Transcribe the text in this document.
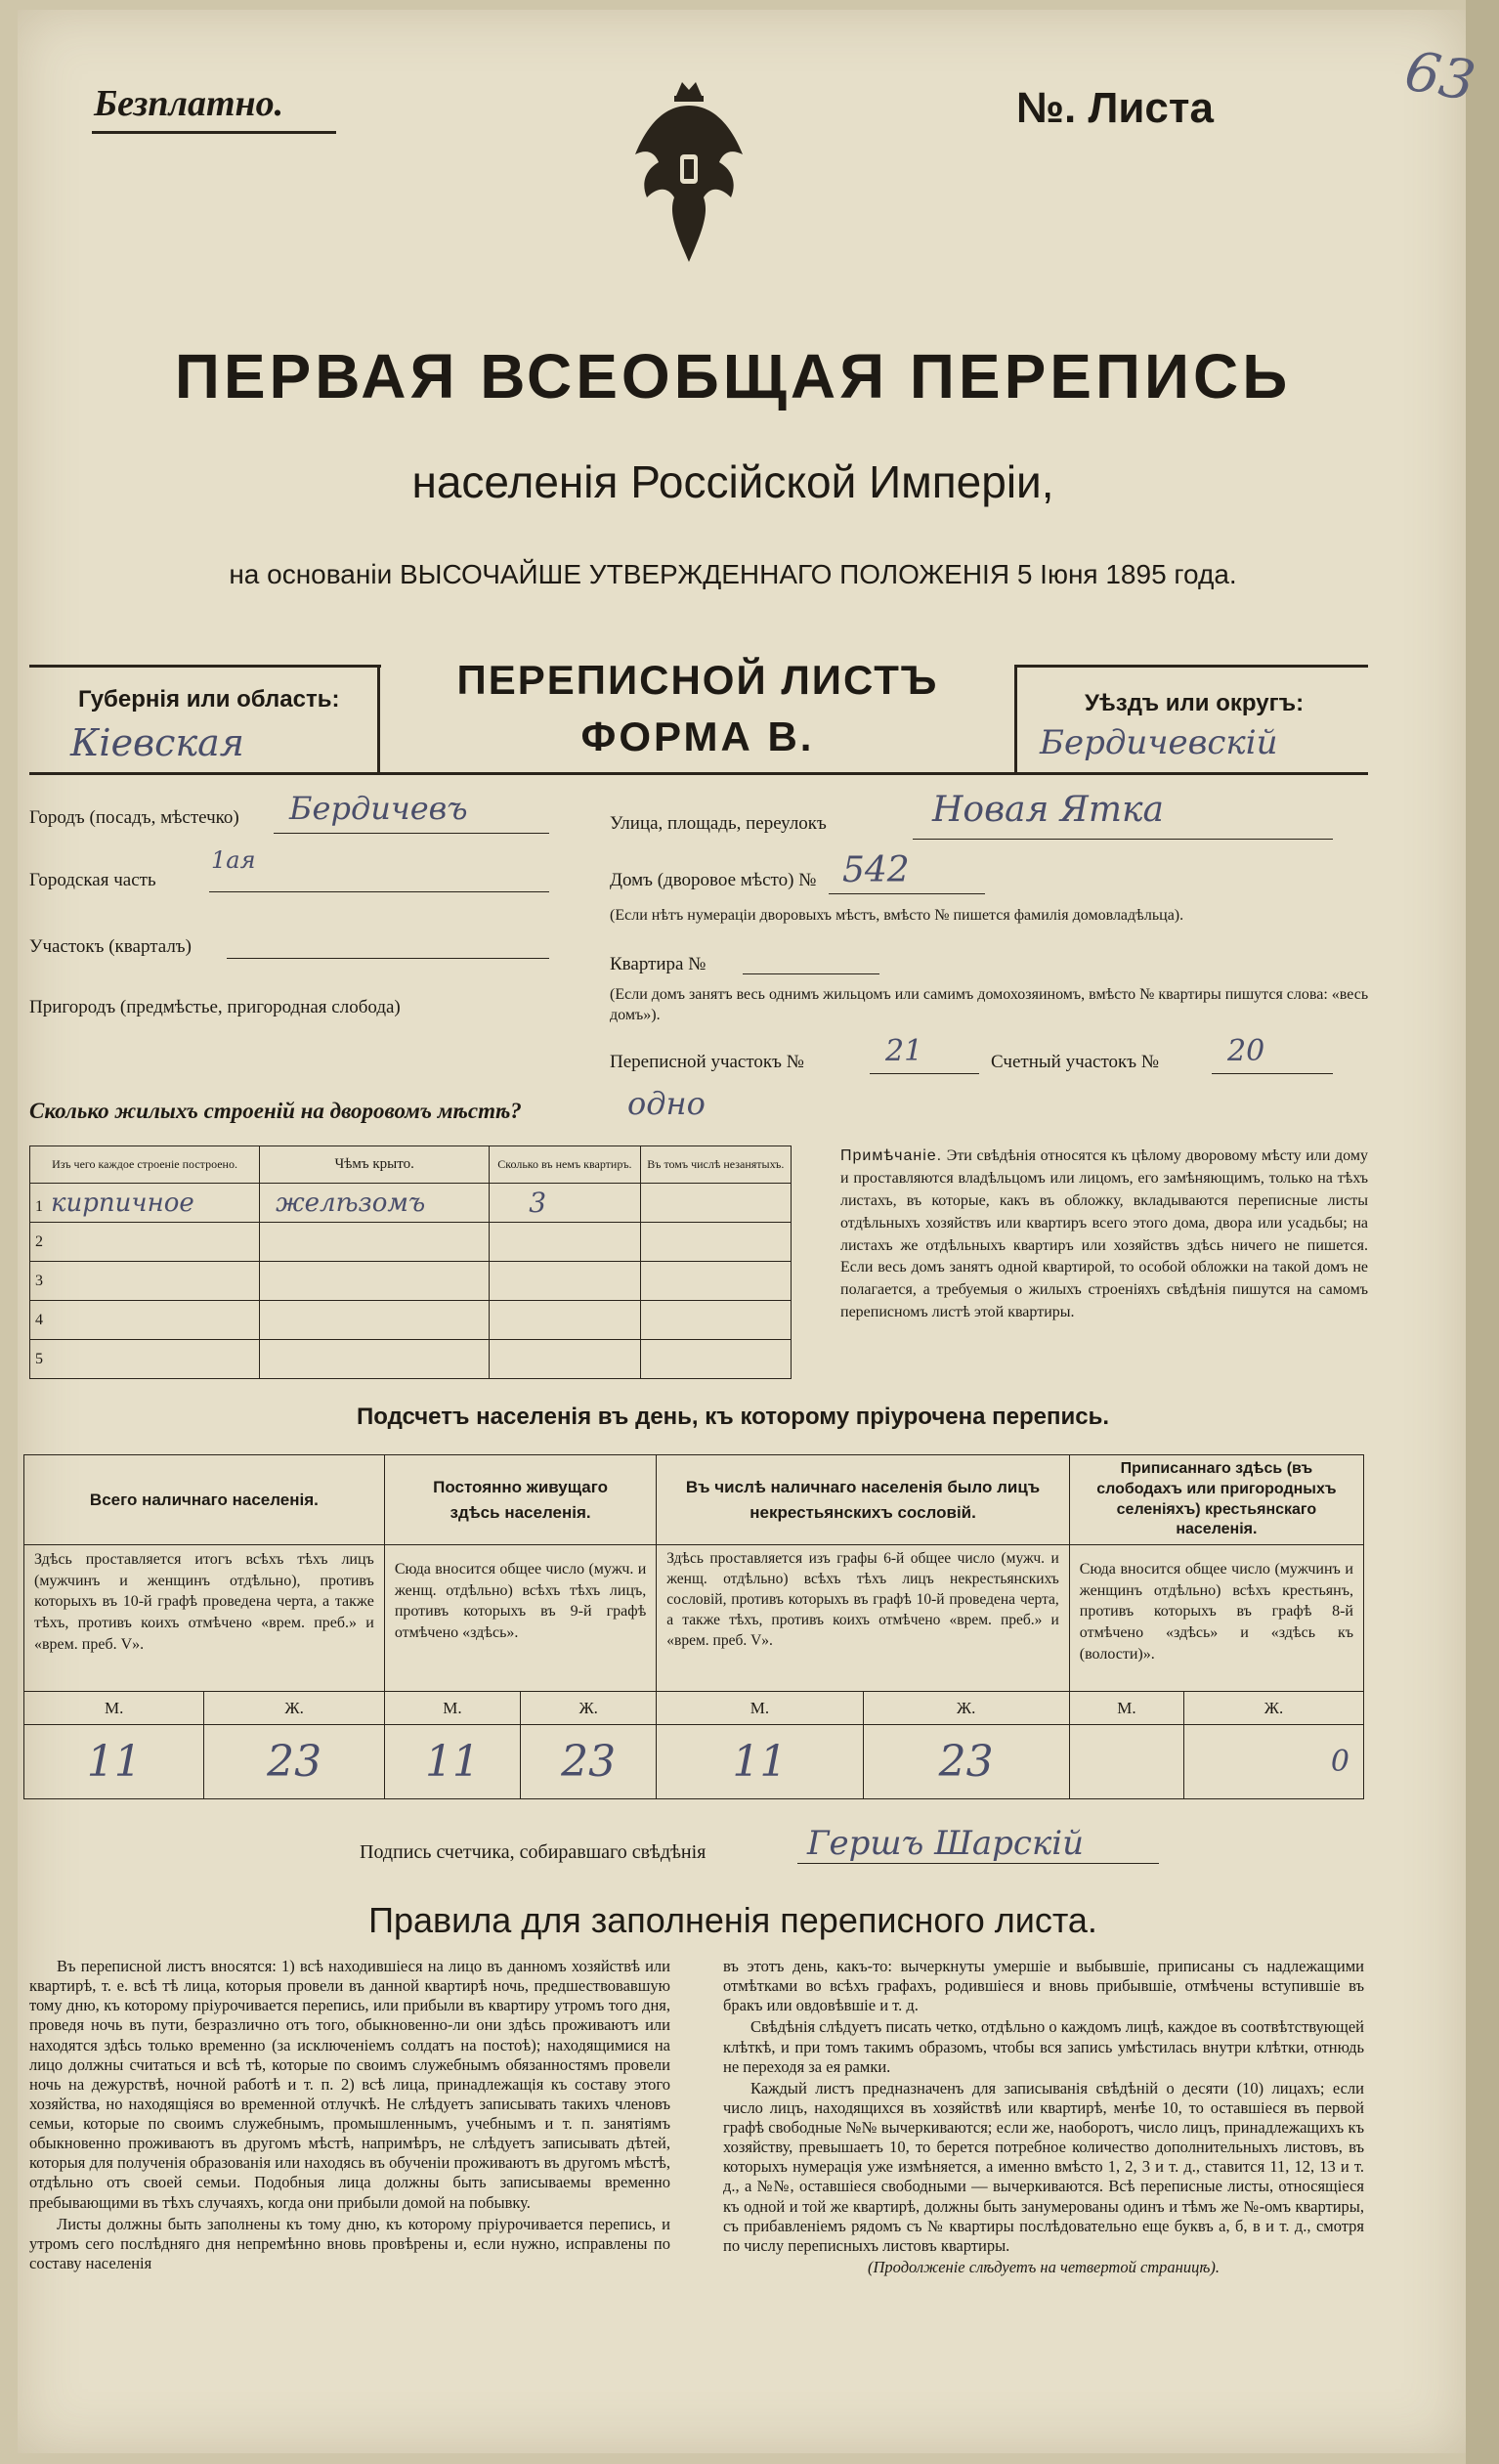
Безплатно.	№. Листа	63
ПЕРВАЯ ВСЕОБЩАЯ ПЕРЕПИСЬ
населенія Россійской Имперіи,
на основаніи ВЫСОЧАЙШЕ УТВЕРЖДЕННАГО ПОЛОЖЕНІЯ 5 Іюня 1895 года.
Губернія или область:
Кіевская
ПЕРЕПИСНОЙ ЛИСТЪ
ФОРМА В.
Уѣздъ или округъ:
Бердичевскій
Городъ (посадъ, мѣстечко) Бердичевъ
Городская часть
1ая
Участокъ (кварталъ)
Пригородъ (предмѣстье, пригородная слобода)
Улица, площадь, переулокъ	Новая Ятка
Домъ (дворовое мѣсто) № 542
(Если нѣтъ нумераціи дворовыхъ мѣстъ, вмѣсто № пишется фамилія домовладѣльца).
Квартира №
(Если домъ занятъ весь однимъ жильцомъ или самимъ домохозяиномъ, вмѣсто № квартиры пишутся слова: «весь домъ»).
Переписной участокъ №	21	Счетный участокъ № 20
Сколько жилыхъ строеній на дворовомъ мѣстѣ?	одно
Изъ чего каждое строеніе построено.	Чѣмъ крыто.	Сколько въ немъ квартиръ.	Въ томъ числѣ незанятыхъ.
1 кирпичное	желѣзомъ	3	
2			
3			
4			
5			
Примѣчаніе. Эти свѣдѣнія относятся къ цѣлому дворовому мѣсту или дому и проставляются владѣльцомъ или лицомъ, его замѣняющимъ, только на тѣхъ листахъ, въ которые, какъ въ обложку, вкладываются переписные листы отдѣльныхъ хозяйствъ или квартиръ всего этого дома, двора или усадьбы; на листахъ же отдѣльныхъ квартиръ или хозяйствъ здѣсь ничего не пишется. Если весь домъ занятъ одной квартирой, то особой обложки на такой домъ не полагается, а требуемыя о жилыхъ строеніяхъ свѣдѣнія пишутся на самомъ переписномъ листѣ этой квартиры.
Подсчетъ населенія въ день, къ которому пріурочена перепись.
Всего наличнаго населенія.		Постоянно живущаго здѣсь населенія.		Въ числѣ наличнаго населенія было лицъ некрестьянскихъ сословій.		Приписаннаго здѣсь (въ слободахъ или пригородныхъ селеніяхъ) крестьянскаго населенія.	
Здѣсь проставляется итогъ всѣхъ тѣхъ лицъ (мужчинъ и женщинъ отдѣльно), противъ которыхъ въ 10-й графѣ проведена черта, а также тѣхъ, противъ коихъ отмѣчено «врем. преб.» и «врем. преб. V».		Сюда вносится общее число (мужч. и женщ. отдѣльно) всѣхъ тѣхъ лицъ, противъ которыхъ въ 9-й графѣ отмѣчено «здѣсь».		Здѣсь проставляется изъ графы 6-й общее число (мужч. и женщ. отдѣльно) всѣхъ тѣхъ лицъ некрестьянскихъ сословій, противъ которыхъ въ графѣ 10-й проведена черта, а также тѣхъ, противъ коихъ отмѣчено «врем. преб.» и «врем. преб. V».		Сюда вносится общее число (мужчинъ и женщинъ отдѣльно) всѣхъ крестьянъ, противъ которыхъ въ графѣ 8-й отмѣчено «здѣсь» и «здѣсь къ (волости)».	
М.	Ж.	М.	Ж.	М.	Ж.	М.	Ж.
11	23	11	23	11	23		0
Подпись счетчика, собиравшаго свѣдѣнія	Гершъ Шарскій
Правила для заполненія переписного листа.

Въ переписной листъ вносятся: 1) всѣ находившіеся на лицо въ данномъ хозяйствѣ или квартирѣ, т. е. всѣ тѣ лица, которыя провели въ данной квартирѣ ночь, предшествовавшую тому дню, къ которому пріурочивается перепись, или прибыли въ квартиру утромъ того дня, проведя ночь въ пути, безразлично отъ того, обыкновенно-ли они здѣсь проживаютъ или находятся здѣсь только временно (за исключеніемъ солдатъ на постоѣ); находящимися на лицо должны считаться и всѣ тѣ, которые по своимъ служебнымъ обязанностямъ провели ночь на дежурствѣ, ночной работѣ и т. п. 2) всѣ лица, принадлежащія къ составу этого хозяйства, но находящіяся во временной отлучкѣ. Не слѣдуетъ записывать такихъ членовъ семьи, которые по своимъ служебнымъ, промышленнымъ, учебнымъ и т. п. занятіямъ обыкновенно проживаютъ въ другомъ мѣстѣ, напримѣръ, не слѣдуетъ записывать дѣтей, которыя для полученія образованія или находясь въ обученіи проживаютъ въ другомъ мѣстѣ, отдѣльно отъ своей семьи. Подобныя лица должны быть записываемы временно пребывающими въ тѣхъ случаяхъ, когда они прибыли домой на побывку.

Листы должны быть заполнены къ тому дню, къ которому пріурочивается перепись, и утромъ сего послѣдняго дня непремѣнно вновь провѣрены и, если нужно, исправлены по составу населенія

въ этотъ день, какъ-то: вычеркнуты умершіе и выбывшіе, приписаны съ надлежащими отмѣтками во всѣхъ графахъ, родившіеся и вновь прибывшіе, отмѣчены вступившіе въ бракъ или овдовѣвшіе и т. д.

Свѣдѣнія слѣдуетъ писать четко, отдѣльно о каждомъ лицѣ, каждое въ соотвѣтствующей клѣткѣ, и при томъ такимъ образомъ, чтобы вся запись умѣстилась внутри клѣтки, отнюдь не переходя за ея рамки.

Каждый листъ предназначенъ для записыванія свѣдѣній о десяти (10) лицахъ; если число лицъ, находящихся въ хозяйствѣ или квартирѣ, менѣе 10, то оставшіеся въ первой графѣ свободные №№ вычеркиваются; если же, наоборотъ, число лицъ, принадлежащихъ къ хозяйству, превышаетъ 10, то берется потребное количество дополнительныхъ листовъ, въ которыхъ нумерація уже измѣняется, а именно вмѣсто 1, 2, 3 и т. д., ставится 11, 12, 13 и т. д., а №№, оставшіеся свободными — вычеркиваются. Всѣ переписные листы, относящіеся къ одной и той же квартирѣ, должны быть занумерованы одинъ и тѣмъ же №-омъ квартиры, съ прибавленіемъ рядомъ съ № квартиры послѣдовательно еще буквъ а, б, в и т. д., смотря по числу переписныхъ листовъ квартиры.

(Продолженіе слѣдуетъ на четвертой страницѣ).
